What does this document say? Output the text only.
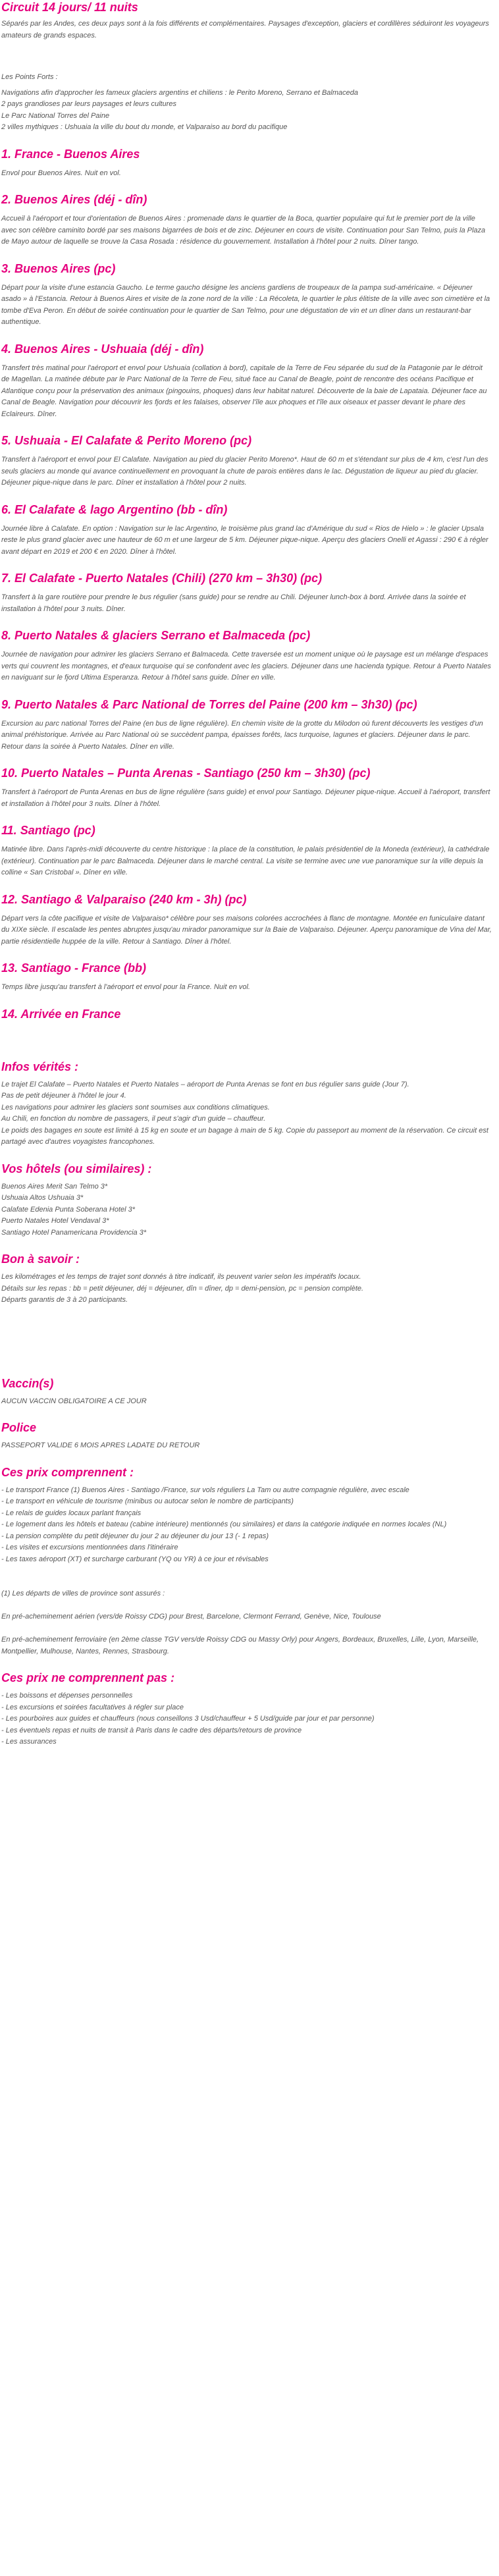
Circuit 14 jours/ 11 nuits

Séparés par les Andes, ces deux pays sont à la fois différents et complémentaires. Paysages d'exception, glaciers et cordillères séduiront les voyageurs amateurs de grands espaces.

Les Points Forts :

Navigations afin d'approcher les fameux glaciers argentins et chiliens : le Perito Moreno, Serrano et Balmaceda
2 pays grandioses par leurs paysages et leurs cultures
Le Parc National Torres del Paine
2 villes mythiques : Ushuaia la ville du bout du monde, et Valparaiso au bord du pacifique
1. France - Buenos Aires

Envol pour Buenos Aires. Nuit en vol.

2. Buenos Aires (déj - dîn)

Accueil à l'aéroport et tour d'orientation de Buenos Aires : promenade dans le quartier de la Boca, quartier populaire qui fut le premier port de la ville avec son célèbre caminito bordé par ses maisons bigarrées de bois et de zinc. Déjeuner en cours de visite. Continuation pour San Telmo, puis la Plaza de Mayo autour de laquelle se trouve la Casa Rosada : résidence du gouvernement. Installation à l'hôtel pour 2 nuits. Dîner tango.

3. Buenos Aires (pc)

Départ pour la visite d'une estancia Gaucho. Le terme gaucho désigne les anciens gardiens de troupeaux de la pampa sud-américaine. « Déjeuner asado » à l'Estancia. Retour à Buenos Aires et visite de la zone nord de la ville : La Récoleta, le quartier le plus élitiste de la ville avec son cimetière et la tombe d'Eva Peron. En début de soirée continuation pour le quartier de San Telmo, pour une dégustation de vin et un dîner dans un restaurant-bar authentique.

4. Buenos Aires - Ushuaia (déj - dîn)

Transfert très matinal pour l'aéroport et envol pour Ushuaia (collation à bord), capitale de la Terre de Feu séparée du sud de la Patagonie par le détroit de Magellan. La matinée débute par le Parc National de la Terre de Feu, situé face au Canal de Beagle, point de rencontre des océans Pacifique et Atlantique conçu pour la préservation des animaux (pingouins, phoques) dans leur habitat naturel. Découverte de la baie de Lapataia. Déjeuner face au Canal de Beagle. Navigation pour découvrir les fjords et les falaises, observer l'île aux phoques et l'île aux oiseaux et passer devant le phare des Eclaireurs. Dîner.

5. Ushuaia - El Calafate & Perito Moreno (pc)

Transfert à l'aéroport et envol pour El Calafate. Navigation au pied du glacier Perito Moreno*. Haut de 60 m et s'étendant sur plus de 4 km, c'est l'un des seuls glaciers au monde qui avance continuellement en provoquant la chute de parois entières dans le lac. Dégustation de liqueur au pied du glacier. Déjeuner pique-nique dans le parc. Dîner et installation à l'hôtel pour 2 nuits.

6. El Calafate & lago Argentino (bb - dîn)

Journée libre à Calafate. En option : Navigation sur le lac Argentino, le troisième plus grand lac d'Amérique du sud « Rios de Hielo » : le glacier Upsala reste le plus grand glacier avec une hauteur de 60 m et une largeur de 5 km. Déjeuner pique-nique. Aperçu des glaciers Onelli et Agassi : 290 € à régler avant départ en 2019 et 200 € en 2020. Dîner à l'hôtel.

7. El Calafate - Puerto Natales (Chili) (270 km – 3h30) (pc)

Transfert à la gare routière pour prendre le bus régulier (sans guide) pour se rendre au Chili. Déjeuner lunch-box à bord. Arrivée dans la soirée et installation à l'hôtel pour 3 nuits. Dîner.

8. Puerto Natales & glaciers Serrano et Balmaceda (pc)

Journée de navigation pour admirer les glaciers Serrano et Balmaceda. Cette traversée est un moment unique où le paysage est un mélange d'espaces verts qui couvrent les montagnes, et d'eaux turquoise qui se confondent avec les glaciers. Déjeuner dans une hacienda typique. Retour à Puerto Natales en naviguant sur le fjord Ultima Esperanza. Retour à l'hôtel sans guide. Dîner en ville.

9. Puerto Natales & Parc National de Torres del Paine (200 km – 3h30) (pc)

Excursion au parc national Torres del Paine (en bus de ligne régulière). En chemin visite de la grotte du Milodon où furent découverts les vestiges d'un animal préhistorique. Arrivée au Parc National où se succèdent pampa, épaisses forêts, lacs turquoise, lagunes et glaciers. Déjeuner dans le parc. Retour dans la soirée à Puerto Natales. Dîner en ville.

10. Puerto Natales – Punta Arenas - Santiago (250 km – 3h30) (pc)

Transfert à l'aéroport de Punta Arenas en bus de ligne régulière (sans guide) et envol pour Santiago. Déjeuner pique-nique. Accueil à l'aéroport, transfert et installation à l'hôtel pour 3 nuits. Dîner à l'hôtel.

11. Santiago (pc)

Matinée libre. Dans l'après-midi découverte du centre historique : la place de la constitution, le palais présidentiel de la Moneda (extérieur), la cathédrale (extérieur). Continuation par le parc Balmaceda. Déjeuner dans le marché central. La visite se termine avec une vue panoramique sur la ville depuis la colline « San Cristobal ». Dîner en ville.

12. Santiago & Valparaiso (240 km - 3h) (pc)

Départ vers la côte pacifique et visite de Valparaiso* célèbre pour ses maisons colorées accrochées à flanc de montagne. Montée en funiculaire datant du XIXe siècle. Il escalade les pentes abruptes jusqu'au mirador panoramique sur la Baie de Valparaiso. Déjeuner. Aperçu panoramique de Vina del Mar, partie résidentielle huppée de la ville. Retour à Santiago. Dîner à l'hôtel.

13. Santiago - France (bb)

Temps libre jusqu'au transfert à l'aéroport et envol pour la France. Nuit en vol.

14. Arrivée en France

Infos vérités :
Le trajet El Calafate – Puerto Natales et Puerto Natales – aéroport de Punta Arenas se font en bus régulier sans guide (Jour 7).
Pas de petit déjeuner à l'hôtel le jour 4.
Les navigations pour admirer les glaciers sont soumises aux conditions climatiques.
Au Chili, en fonction du nombre de passagers, il peut s'agir d'un guide – chauffeur.
Le poids des bagages en soute est limité à 15 kg en soute et un bagage à main de 5 kg. Copie du passeport au moment de la réservation. Ce circuit est partagé avec d'autres voyagistes francophones.
Vos hôtels (ou similaires) :
Buenos Aires Merit San Telmo 3*
Ushuaia Altos Ushuaia 3*
Calafate Edenia Punta Soberana Hotel 3*
Puerto Natales Hotel Vendaval 3*
Santiago Hotel Panamericana Providencia 3*
Bon à savoir :
Les kilométrages et les temps de trajet sont donnés à titre indicatif, ils peuvent varier selon les impératifs locaux.
Détails sur les repas : bb = petit déjeuner, déj = déjeuner, dîn = dîner, dp = demi-pension, pc = pension complète.
Départs garantis de 3 à 20 participants.
Vaccin(s)

AUCUN VACCIN OBLIGATOIRE A CE JOUR

Police

PASSEPORT VALIDE 6 MOIS APRES LADATE DU RETOUR

Ces prix comprennent :
- Le transport France (1) Buenos Aires - Santiago /France, sur vols réguliers La Tam ou autre compagnie régulière, avec escale
- Le transport en véhicule de tourisme (minibus ou autocar selon le nombre de participants)
- Le relais de guides locaux parlant français
- Le logement dans les hôtels et bateau (cabine intérieure) mentionnés (ou similaires) et dans la catégorie indiquée en normes locales (NL)
- La pension complète du petit déjeuner du jour 2 au déjeuner du jour 13 (- 1 repas)
- Les visites et excursions mentionnées dans l'itinéraire
- Les taxes aéroport (XT) et surcharge carburant (YQ ou YR) à ce jour et révisables
(1) Les départs de villes de province sont assurés :
En pré-acheminement aérien (vers/de Roissy CDG) pour Brest, Barcelone, Clermont Ferrand, Genève, Nice, Toulouse
En pré-acheminement ferroviaire (en 2ème classe TGV vers/de Roissy CDG ou Massy Orly) pour Angers, Bordeaux, Bruxelles, Lille, Lyon, Marseille, Montpellier, Mulhouse, Nantes, Rennes, Strasbourg.
Ces prix ne comprennent pas :
- Les boissons et dépenses personnelles
- Les excursions et soirées facultatives à régler sur place
- Les pourboires aux guides et chauffeurs (nous conseillons 3 Usd/chauffeur + 5 Usd/guide par jour et par personne)
- Les éventuels repas et nuits de transit à Paris dans le cadre des départs/retours de province
- Les assurances
